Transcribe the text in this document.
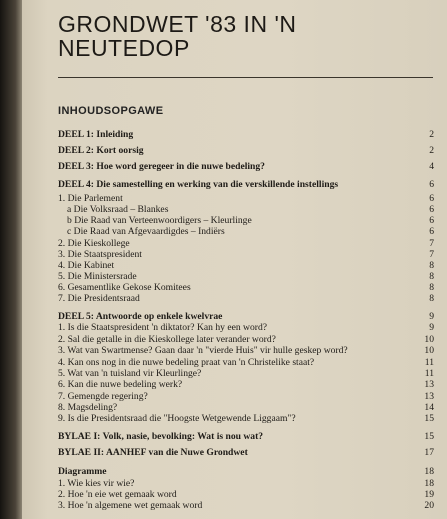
GRONDWET '83 IN 'N
NEUTEDOP
INHOUDSOPGAWE
DEEL 1: Inleiding	2
DEEL 2: Kort oorsig	2
DEEL 3: Hoe word geregeer in die nuwe bedeling?	4
DEEL 4: Die samestelling en werking van die verskillende instellings	6
1. Die Parlement	6
a Die Volksraad – Blankes	6
b Die Raad van Verteenwoordigers – Kleurlinge	6
c Die Raad van Afgevaardigdes – Indiërs	6
2. Die Kieskollege	7
3. Die Staatspresident	7
4. Die Kabinet	8
5. Die Ministersrade	8
6. Gesamentlike Gekose Komitees	8
7. Die Presidentsraad	8
DEEL 5: Antwoorde op enkele kwelvrae	9
1. Is die Staatspresident 'n diktator? Kan hy een word?	9
2. Sal die getalle in die Kieskollege later verander word?	10
3. Wat van Swartmense? Gaan daar 'n "vierde Huis" vir hulle geskep word?	10
4. Kan ons nog in die nuwe bedeling praat van 'n Christelike staat?	11
5. Wat van 'n tuisland vir Kleurlinge?	11
6. Kan die nuwe bedeling werk?	13
7. Gemengde regering?	13
8. Magsdeling?	14
9. Is die Presidentsraad die "Hoogste Wetgewende Liggaam"?	15
BYLAE I: Volk, nasie, bevolking: Wat is nou wat?	15
BYLAE II: AANHEF van die Nuwe Grondwet	17
Diagramme	18
1. Wie kies vir wie?	18
2. Hoe 'n eie wet gemaak word	19
3. Hoe 'n algemene wet gemaak word	20
